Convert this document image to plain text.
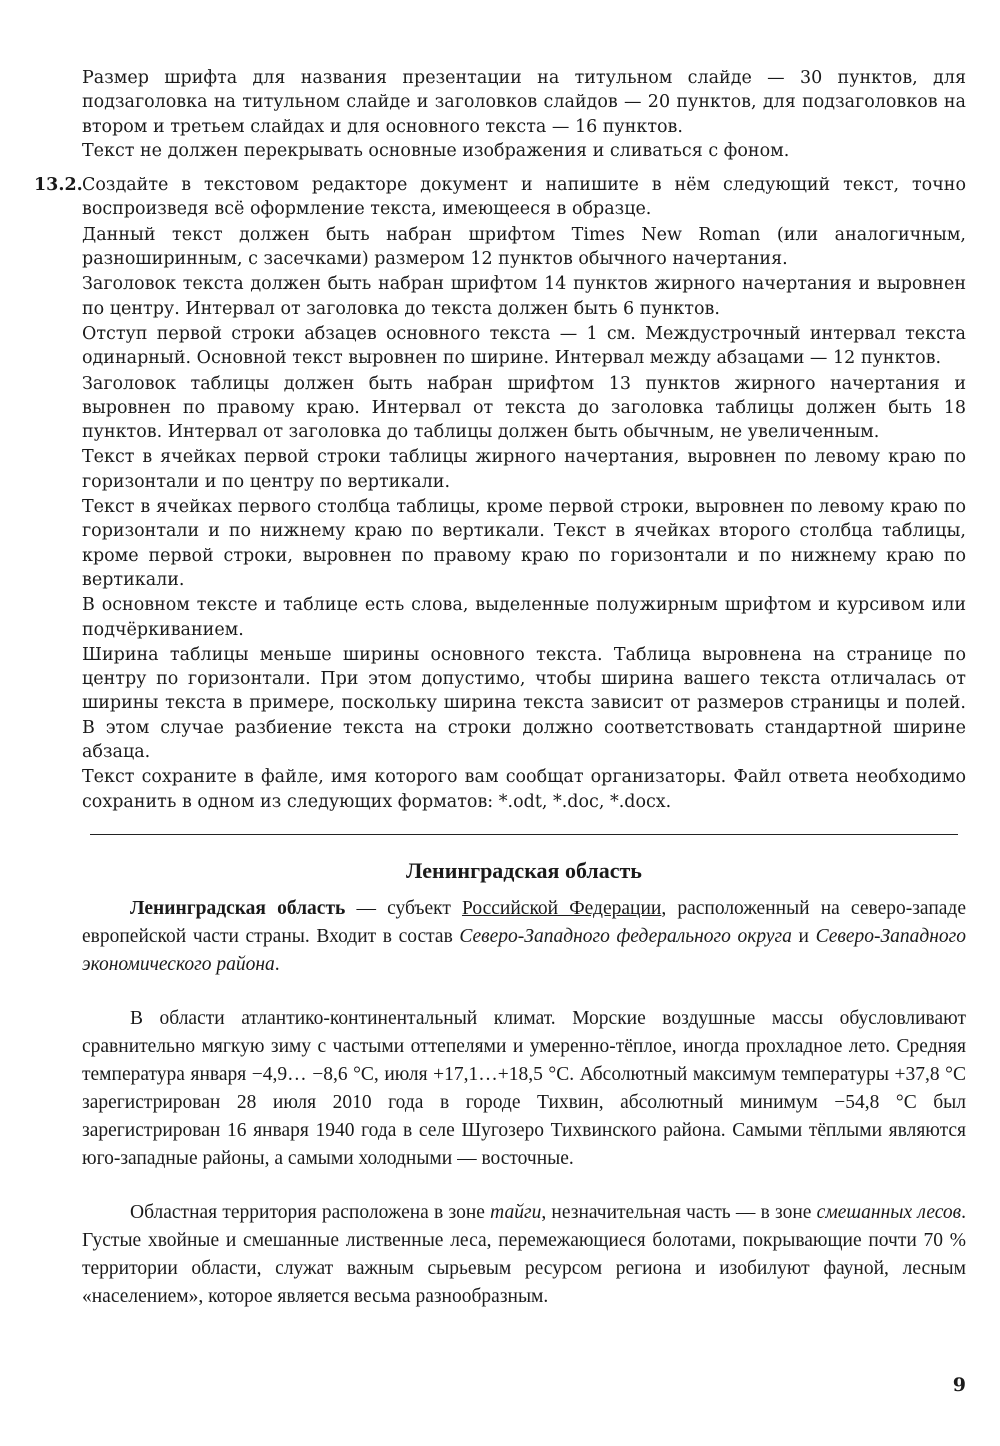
Размер шрифта для названия презентации на титульном слайде — 30 пунктов, для подзаголовка на титульном слайде и заголовков слайдов — 20 пунктов, для подзаголовков на втором и третьем слайдах и для основного текста — 16 пунктов.

Текст не должен перекрывать основные изображения и сливаться с фоном.

13.2. Создайте в текстовом редакторе документ и напишите в нём следующий текст, точно воспроизведя всё оформление текста, имеющееся в образце.

Данный текст должен быть набран шрифтом Times New Roman (или аналогичным, разноширинным, с засечками) размером 12 пунктов обычного начертания.

Заголовок текста должен быть набран шрифтом 14 пунктов жирного начертания и выровнен по центру. Интервал от заголовка до текста должен быть 6 пунктов.

Отступ первой строки абзацев основного текста — 1 см. Междустрочный интервал текста одинарный. Основной текст выровнен по ширине. Интервал между абзацами — 12 пунктов.

Заголовок таблицы должен быть набран шрифтом 13 пунктов жирного начертания и выровнен по правому краю. Интервал от текста до заголовка таблицы должен быть 18 пунктов. Интервал от заголовка до таблицы должен быть обычным, не увеличенным.

Текст в ячейках первой строки таблицы жирного начертания, выровнен по левому краю по горизонтали и по центру по вертикали.

Текст в ячейках первого столбца таблицы, кроме первой строки, выровнен по левому краю по горизонтали и по нижнему краю по вертикали. Текст в ячейках второго столбца таблицы, кроме первой строки, выровнен по правому краю по горизонтали и по нижнему краю по вертикали.

В основном тексте и таблице есть слова, выделенные полужирным шрифтом и курсивом или подчёркиванием.

Ширина таблицы меньше ширины основного текста. Таблица выровнена на странице по центру по горизонтали. При этом допустимо, чтобы ширина вашего текста отличалась от ширины текста в примере, поскольку ширина текста зависит от размеров страницы и полей. В этом случае разбиение текста на строки должно соответствовать стандартной ширине абзаца.

Текст сохраните в файле, имя которого вам сообщат организаторы. Файл ответа необходимо сохранить в одном из следующих форматов: *.odt, *.doc, *.docx.

Ленинградская область

Ленинградская область — субъект Российской Федерации, расположенный на северо-западе европейской части страны. Входит в состав Северо-Западного федерального округа и Северо-Западного экономического района.

В области атлантико-континентальный климат. Морские воздушные массы обусловливают сравнительно мягкую зиму с частыми оттепелями и умеренно-тёплое, иногда прохладное лето. Средняя температура января −4,9… −8,6 °С, июля +17,1…+18,5 °С. Абсолютный максимум температуры +37,8 °С зарегистрирован 28 июля 2010 года в городе Тихвин, абсолютный минимум −54,8 °С был зарегистрирован 16 января 1940 года в селе Шугозеро Тихвинского района. Самыми тёплыми являются юго-западные районы, а самыми холодными — восточные.

Областная территория расположена в зоне тайги, незначительная часть — в зоне смешанных лесов. Густые хвойные и смешанные лиственные леса, перемежающиеся болотами, покрывающие почти 70 % территории области, служат важным сырьевым ресурсом региона и изобилуют фауной, лесным «населением», которое является весьма разнообразным.

9
